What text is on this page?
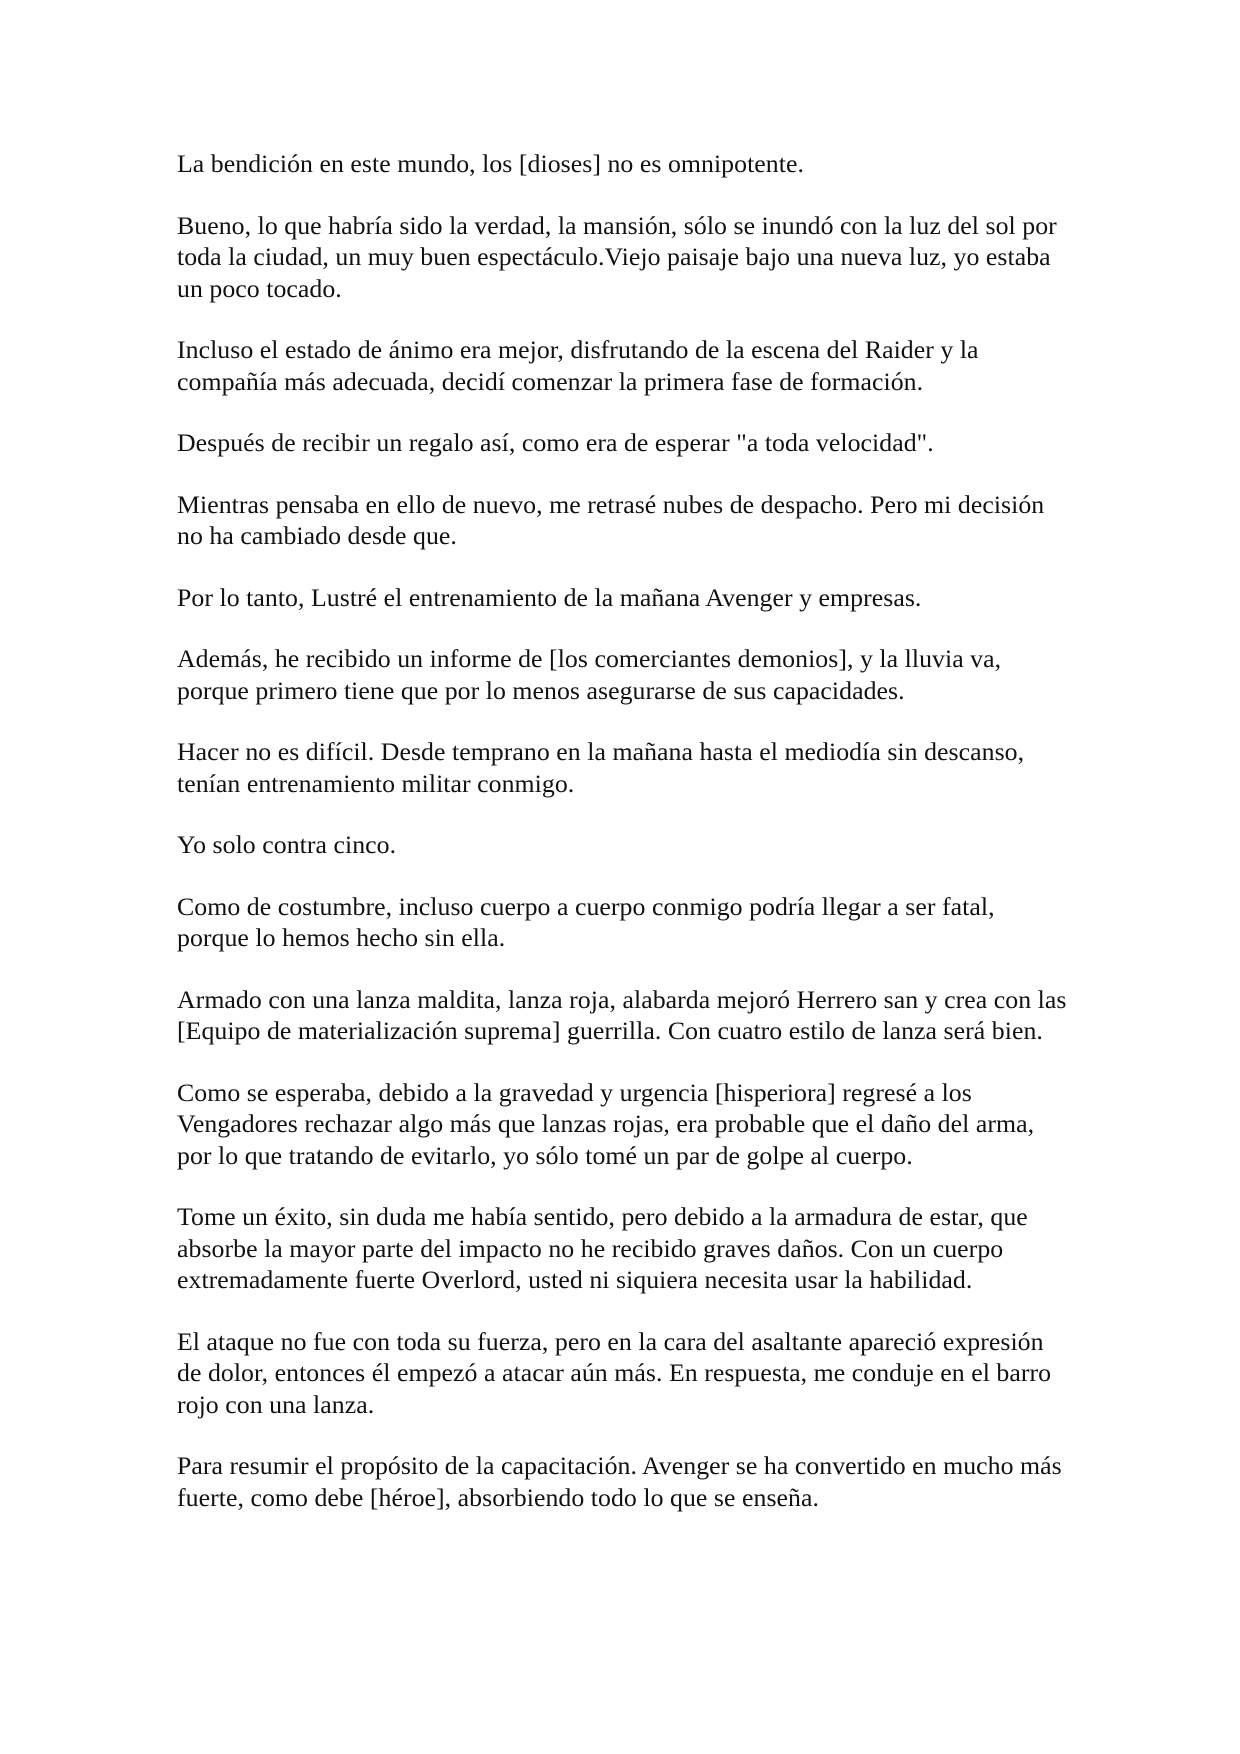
La bendición en este mundo, los [dioses] no es omnipotente.

Bueno, lo que habría sido la verdad, la mansión, sólo se inundó con la luz del sol por toda la ciudad, un muy buen espectáculo.Viejo paisaje bajo una nueva luz, yo estaba un poco tocado.

Incluso el estado de ánimo era mejor, disfrutando de la escena del Raider y la compañía más adecuada, decidí comenzar la primera fase de formación.

Después de recibir un regalo así, como era de esperar "a toda velocidad".

Mientras pensaba en ello de nuevo, me retrasé nubes de despacho. Pero mi decisión no ha cambiado desde que.

Por lo tanto, Lustré el entrenamiento de la mañana Avenger y empresas.

Además, he recibido un informe de [los comerciantes demonios], y la lluvia va, porque primero tiene que por lo menos asegurarse de sus capacidades.

Hacer no es difícil. Desde temprano en la mañana hasta el mediodía sin descanso, tenían entrenamiento militar conmigo.

Yo solo contra cinco.

Como de costumbre, incluso cuerpo a cuerpo conmigo podría llegar a ser fatal, porque lo hemos hecho sin ella.

Armado con una lanza maldita, lanza roja, alabarda mejoró Herrero san y crea con las [Equipo de materialización suprema] guerrilla. Con cuatro estilo de lanza será bien.

Como se esperaba, debido a la gravedad y urgencia [hisperiora] regresé a los Vengadores rechazar algo más que lanzas rojas, era probable que el daño del arma, por lo que tratando de evitarlo, yo sólo tomé un par de golpe al cuerpo.

Tome un éxito, sin duda me había sentido, pero debido a la armadura de estar, que absorbe la mayor parte del impacto no he recibido graves daños. Con un cuerpo extremadamente fuerte Overlord, usted ni siquiera necesita usar la habilidad.

El ataque no fue con toda su fuerza, pero en la cara del asaltante apareció expresión de dolor, entonces él empezó a atacar aún más. En respuesta, me conduje en el barro rojo con una lanza.

Para resumir el propósito de la capacitación. Avenger se ha convertido en mucho más fuerte, como debe [héroe], absorbiendo todo lo que se enseña.
